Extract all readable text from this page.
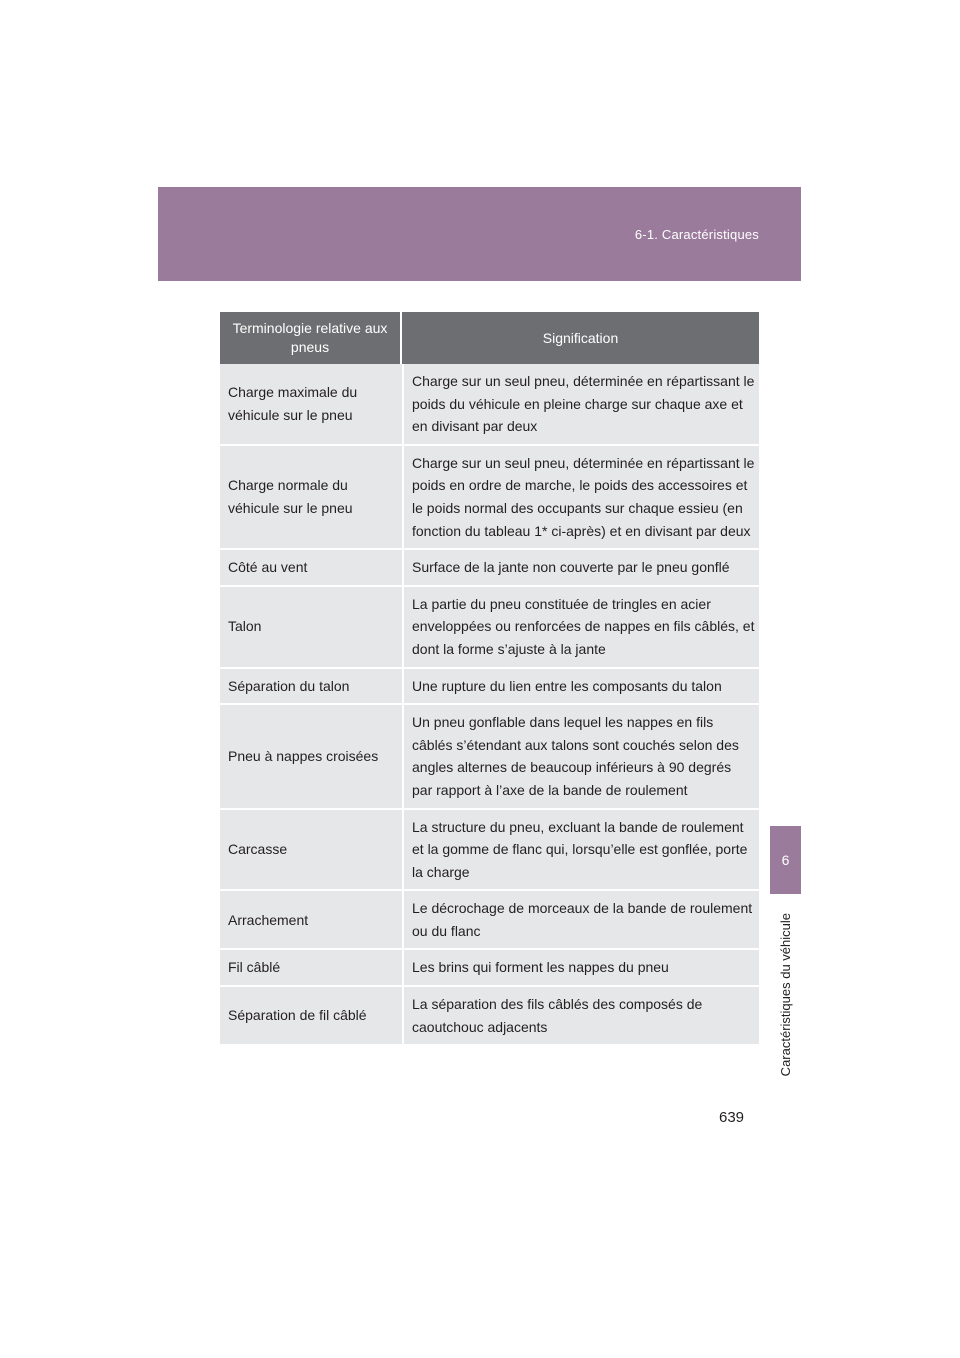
6-1. Caractéristiques
6
Caractéristiques du véhicule
Terminologie relative aux pneus	Signification
Charge maximale du véhicule sur le pneu	Charge sur un seul pneu, déterminée en répartissant le poids du véhicule en pleine charge sur chaque axe et en divisant par deux
Charge normale du véhicule sur le pneu	Charge sur un seul pneu, déterminée en répartissant le poids en ordre de marche, le poids des accessoires et le poids normal des occupants sur chaque essieu (en fonction du tableau 1* ci-après) et en divisant par deux
Côté au vent	Surface de la jante non couverte par le pneu gonflé
Talon	La partie du pneu constituée de tringles en acier enveloppées ou renforcées de nappes en fils câblés, et dont la forme s’ajuste à la jante
Séparation du talon	Une rupture du lien entre les composants du talon
Pneu à nappes croisées	Un pneu gonflable dans lequel les nappes en fils câblés s’étendant aux talons sont couchés selon des angles alternes de beaucoup inférieurs à 90 degrés par rapport à l’axe de la bande de roulement
Carcasse	La structure du pneu, excluant la bande de roulement et la gomme de flanc qui, lorsqu’elle est gonflée, porte la charge
Arrachement	Le décrochage de morceaux de la bande de roulement ou du flanc
Fil câblé	Les brins qui forment les nappes du pneu
Séparation de fil câblé	La séparation des fils câblés des composés de caoutchouc adjacents
639
